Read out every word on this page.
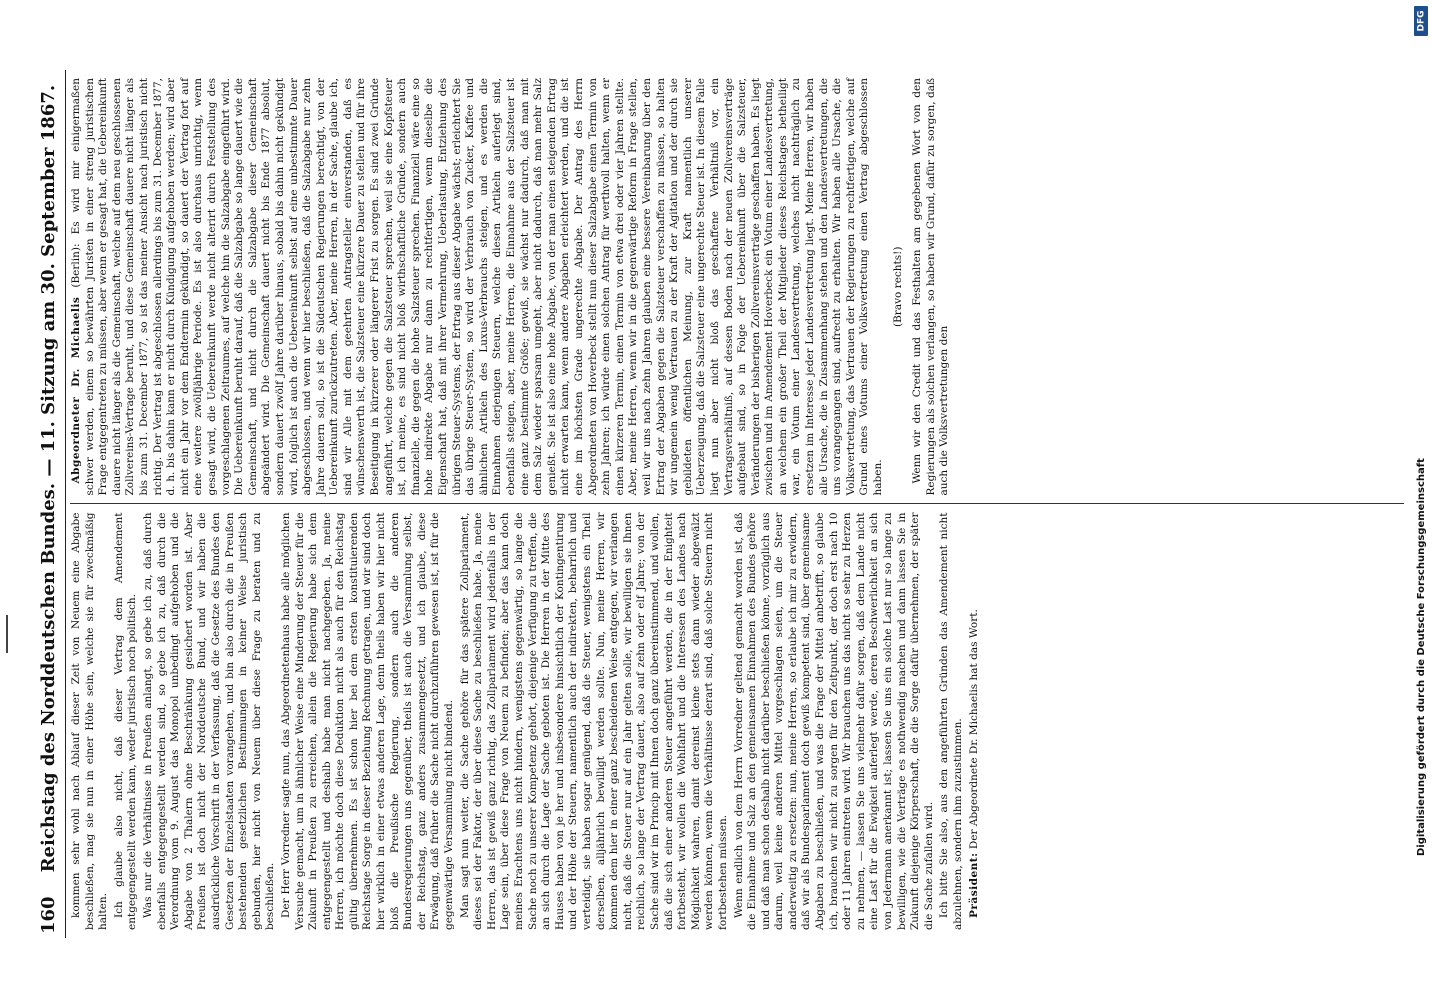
160
Reichstag des Norddeutschen Bundes. — 11. Sitzung am 30. September 1867. kommen sehr wohl nach Ablauf dieser Zeit von Neuem eine Abgabe beschließen, mag sie nun in einer Höhe sein, welche sie für zweckmäßig halten. Ich glaube also nicht, daß dieser Vertrag dem Amendement entgegengestellt werden kann, weder juristisch noch politisch. Was nur die Verhältnisse in Preußen anlangt, so gebe ich zu, daß durch ebenfalls entgegengestellt werden sind, so gebe ich zu, daß durch die Verordnung vom 9. August das Monopol unbedingt aufgehoben und die Abgabe von 2 Thalern ohne Beschränkung gesichert worden ist. Aber Preußen ist doch nicht der Norddeutsche Bund, und wir haben die ausdrückliche Vorschrift in der Verfassung, daß die Gesetze des Bundes den Gesetzen der Einzelstaaten vorangehen, und bin also durch die in Preußen bestehenden gesetzlichen Bestimmungen in keiner Weise juristisch gebunden, hier nicht von Neuem über diese Frage zu beraten und zu beschließen. Der Herr Vorredner sagte nun, das Abgeordnetenhaus habe alle möglichen Versuche gemacht, um in ähnlicher Weise eine Minderung der Steuer für die Zukunft in Preußen zu erreichen, allein die Regierung habe sich dem entgegengestellt und deshalb habe man nicht nachgegeben. Ja, meine Herren, ich möchte doch diese Deduktion nicht als auch für den Reichstag gültig übernehmen. Es ist schon hier bei dem ersten konstituierenden Reichstage Sorge in dieser Beziehung Rechnung getragen, und wir sind doch hier wirklich in einer etwas anderen Lage, denn theils haben wir hier nicht bloß die Preußische Regierung, sondern auch die anderen Bundesregierungen uns gegenüber, theils ist auch die Versammlung selbst, der Reichstag, ganz anders zusammengesetzt, und ich glaube, diese Erwägung, daß früher die Sache nicht durchzuführen gewesen ist, ist für die gegenwärtige Versammlung nicht bindend. Man sagt nun weiter, die Sache gehöre für das spätere Zollparlament, dieses sei der Faktor, der über diese Sache zu beschließen habe. Ja, meine Herren, das ist gewiß ganz richtig, das Zollparlament wird jedenfalls in der Lage sein, über diese Frage von Neuem zu befinden; aber das kann doch meines Erachtens uns nicht hindern, wenigstens gegenwärtig, so lange die Sache noch zu unserer Kompetenz gehört, diejenige Verfügung zu treffen, die an sich durch die Lage der Sache geboten ist. Die Herren in der Mitte des Hauses haben von je her und insbesondere hinsichtlich der Kontingentirung und der Höhe der Steuern, namentlich auch der indirekten, beharrlich und verteidigt, sie haben sogar genügend, daß die Steuer, wenigstens ein Theil derselben, alljährlich bewilligt werden sollte. Nun, meine Herren, wir kommen dem hier in einer ganz bescheidenen Weise entgegen, wir verlangen nicht, daß die Steuer nur auf ein Jahr gelten solle, wir bewilligen sie Ihnen reichlich, so lange der Vertrag dauert, also auf zehn oder elf Jahre; von der Sache sind wir im Princip mit Ihnen doch ganz übereinstimmend, und wollen, daß die sich einer anderen Steuer angeführt werden, die in der Enighteit fortbesteht, wir wollen die Wohlfahrt und die Interessen des Landes nach Möglichkeit wahren, damit dereinst kleine stets dann wieder abgewälzt werden können, wenn die Verhältnisse derart sind, daß solche Steuern nicht fortbestehen müssen. Wenn endlich von dem Herrn Vorredner geltend gemacht worden ist, daß die Einnahme und Salz an den gemeinsamen Einnahmen des Bundes gehöre und daß man schon deshalb nicht darüber beschließen könne, vorzüglich aus darum, weil keine anderen Mittel vorgeschlagen seien, um die Steuer anderweitig zu ersetzen: nun, meine Herren, so erlaube ich mir zu erwidern, daß wir als Bundesparlament doch gewiß kompetent sind, über gemeinsame Abgaben zu beschließen, und was die Frage der Mittel anbetrifft, so glaube ich, brauchen wir nicht zu sorgen für den Zeitpunkt, der doch erst nach 10 oder 11 Jahren eintreten wird. Wir brauchen uns das nicht so sehr zu Herzen zu nehmen, — lassen Sie uns vielmehr dafür sorgen, daß dem Lande nicht eine Last für die Ewigkeit auferlegt werde, deren Beschwerlichkeit an sich von Jedermann anerkannt ist; lassen Sie uns ein solche Last nur so lange zu bewilligen, wie die Verträge es nothwendig machen und dann lassen Sie in Zukunft diejenige Körperschaft, die die Sorge dafür übernehmen, der später die Sache zufallen wird. Ich bitte Sie also, aus den angeführten Gründen das Amendement nicht abzulehnen, sondern ihm zuzustimmen. Präsident: Der Abgeordnete Dr. Michaelis hat das Wort.

Abgeordneter Dr. Michaelis (Berlin): Es wird mir einigermaßen schwer werden, einem so bewährten Juristen in einer streng juristischen Frage entgegentreten zu müssen, aber wenn er gesagt hat, die Uebereinkunft dauere nicht länger als die Gemeinschaft, welche auf dem neu geschlossenen Zollvereins-Vertrage beruht, und diese Gemeinschaft dauere nicht länger als bis zum 31. December 1877, so ist das meiner Ansicht nach juristisch nicht richtig. Der Vertrag ist abgeschlossen allerdings bis zum 31. December 1877, d. h. bis dahin kann er nicht durch Kündigung aufgehoben werden; wird aber nicht ein Jahr vor dem Endtermin gekündigt, so dauert der Vertrag fort auf eine weitere zwölfjährige Periode. Es ist also durchaus unrichtig, wenn gesagt wird, die Uebereinkunft werde nicht alterirt durch Feststellung des vorgeschlagenen Zeitraumes, auf welche hin die Salzabgabe eingeführt wird. Die Uebereinkunft beruht darauf, daß die Salzabgabe so lange dauert wie die Gemeinschaft, und nicht durch die Salzabgabe dieser Gemeinschaft abgeändert wird. Die Gemeinschaft dauert nicht bis Ende 1877 absolut, sondern dauert zwölf Jahre darüber hinaus, sobald bis dahin nicht gekündigt wird, folglich ist auch die Uebereinkunft selbst auf eine unbestimmte Dauer abgeschlossen, und wenn wir hier beschließen, daß die Salzabgabe nur zehn Jahre dauern soll, so ist die Südeutschen Regierungen berechtigt, von der Uebereinkunft zurückzutreten. Aber, meine Herren, in der Sache, glaube ich, sind wir Alle mit dem geehrten Antragsteller einverstanden, daß es wünschenswerth ist, die Salzsteuer eine kürzere Dauer zu stellen und für ihre Beseitigung in kürzerer oder längerer Frist zu sorgen. Es sind zwei Gründe angeführt, welche gegen die Salzsteuer sprechen, weil sie eine Kopfsteuer ist, ich meine, es sind nicht bloß wirthschaftliche Gründe, sondern auch finanzielle, die gegen die hohe Salzsteuer sprechen. Finanziell wäre eine so hohe indirekte Abgabe nur dann zu rechtfertigen, wenn dieselbe die Eigenschaft hat, daß mit ihrer Vermehrung, Ueberlastung, Entziehung des übrigen Steuer-Systems, der Ertrag aus dieser Abgabe wächst; erleichtert Sie das übrige Steuer-System, so wird der Verbrauch von Zucker, Kaffee und ähnlichen Artikeln des Luxus-Verbrauchs steigen, und es werden die Einnahmen derjenigen Steuern, welche diesen Artikeln auferlegt sind, ebenfalls steigen, aber, meine Herren, die Einnahme aus der Salzsteuer ist eine ganz bestimmte Größe; gewiß, sie wächst nur dadurch, daß man mit dem Salz wieder sparsam umgeht, aber nicht dadurch, daß man mehr Salz genießt. Sie ist also eine hohe Abgabe, von der man einen steigenden Ertrag nicht erwarten kann, wenn andere Abgaben erleichtert werden, und die ist eine im höchsten Grade ungerechte Abgabe. Der Antrag des Herrn Abgeordneten von Hoverbeck stellt nun dieser Salzabgabe einen Termin von zehn Jahren; ich würde einen solchen Antrag für werthvoll halten, wenn er einen kürzeren Termin, einen Termin von etwa drei oder vier Jahren stellte. Aber, meine Herren, wenn wir in die gegenwärtige Reform in Frage stellen, weil wir uns nach zehn Jahren glauben eine bessere Vereinbarung über den Ertrag der Abgaben gegen die Salzsteuer verschaffen zu müssen, so halten wir ungemein wenig Vertrauen zu der Kraft der Agitation und der durch sie gebildeten öffentlichen Meinung, zur Kraft namentlich unserer Ueberzeugung, daß die Salzsteuer eine ungerechte Steuer ist. In diesem Falle liegt nun aber nicht bloß das geschaffene Verhältniß vor, ein Vertragsverhältniß, auf dessen Boden nach der neuen Zollvereinsverträge aufgebaut sind, so in Folge der Uebereinkunft über die Salzsteuer, Veränderungen der bisherigen Zollvereinsverträge geschaffen haben. Es liegt zwischen und im Amendement Hoverbeck ein Votum einer Landesvertretung, an welchem ein großer Theil der Mitglieder dieses Reichstages betheiligt war, ein Votum einer Landesvertretung, welches nicht nachträglich zu ersetzen im Interesse jeder Landesvertretung liegt. Meine Herren, wir haben alle Ursache, die in Zusammenhang stehen und den Landesvertretungen, die uns vorangegangen sind, aufrecht zu erhalten. Wir haben alle Ursache, die Volksvertretung, das Vertrauen der Regierungen zu rechtfertigen, welche auf Grund eines Votums einer Volksvertretung einen Vertrag abgeschlossen haben.

(Bravo rechts!) Wenn wir den Credit und das Festhalten am gegebenen Wort von den Regierungen als solchen verlangen, so haben wir Grund, dafür zu sorgen, daß auch die Volksvertretungen den

DFG
Digitalisierung gefördert durch die Deutsche Forschungsgemeinschaft
